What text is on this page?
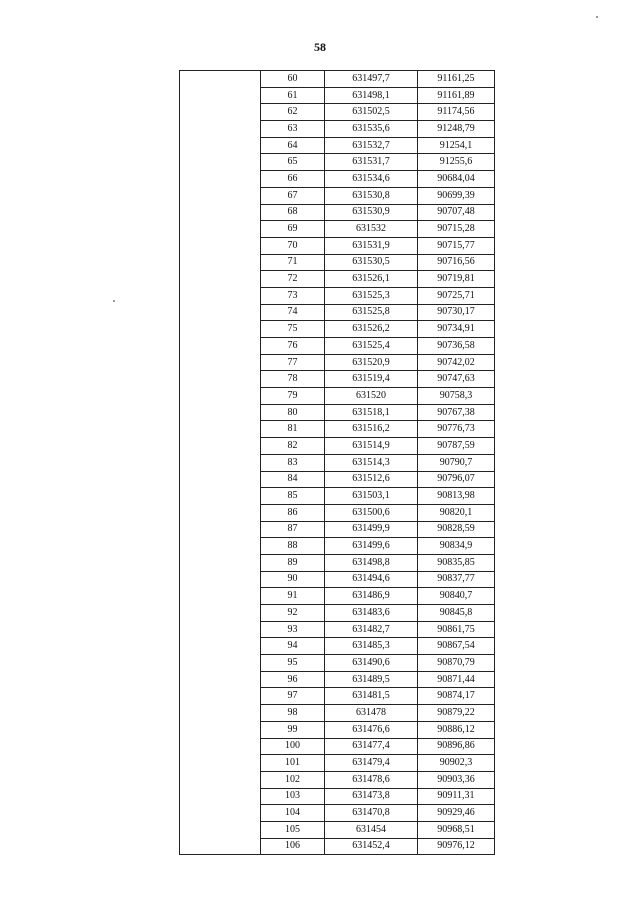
58
	60	631497,7	91161,25
	61	631498,1	91161,89
	62	631502,5	91174,56
	63	631535,6	91248,79
	64	631532,7	91254,1
	65	631531,7	91255,6
	66	631534,6	90684,04
	67	631530,8	90699,39
	68	631530,9	90707,48
	69	631532	90715,28
	70	631531,9	90715,77
	71	631530,5	90716,56
	72	631526,1	90719,81
	73	631525,3	90725,71
	74	631525,8	90730,17
	75	631526,2	90734,91
	76	631525,4	90736,58
	77	631520,9	90742,02
	78	631519,4	90747,63
	79	631520	90758,3
	80	631518,1	90767,38
	81	631516,2	90776,73
	82	631514,9	90787,59
	83	631514,3	90790,7
	84	631512,6	90796,07
	85	631503,1	90813,98
	86	631500,6	90820,1
	87	631499,9	90828,59
	88	631499,6	90834,9
	89	631498,8	90835,85
	90	631494,6	90837,77
	91	631486,9	90840,7
	92	631483,6	90845,8
	93	631482,7	90861,75
	94	631485,3	90867,54
	95	631490,6	90870,79
	96	631489,5	90871,44
	97	631481,5	90874,17
	98	631478	90879,22
	99	631476,6	90886,12
	100	631477,4	90896,86
	101	631479,4	90902,3
	102	631478,6	90903,36
	103	631473,8	90911,31
	104	631470,8	90929,46
	105	631454	90968,51
	106	631452,4	90976,12
